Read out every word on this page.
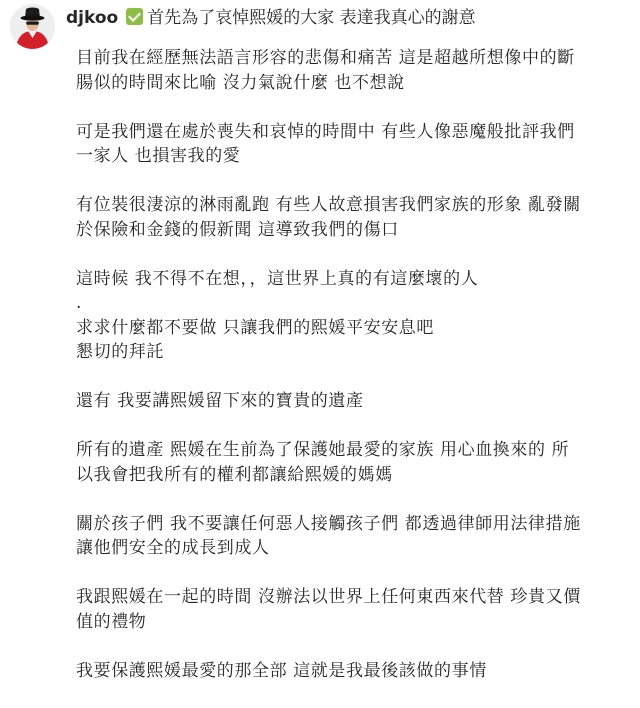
djkoo 首先為了哀悼熙媛的大家 表達我真心的謝意

目前我在經歷無法語言形容的悲傷和痛苦 這是超越所想像中的斷
腸似的時間來比喻 沒力氣說什麼 也不想說

可是我們還在處於喪失和哀悼的時間中 有些人像惡魔般批評我們
一家人 也損害我的愛

有位裝很淒涼的淋雨亂跑 有些人故意損害我們家族的形象 亂發關
於保險和金錢的假新聞 這導致我們的傷口

這時候 我不得不在想，，這世界上真的有這麼壞的人
.

求求什麼都不要做 只讓我們的熙媛平安安息吧
懇切的拜託

還有 我要講熙媛留下來的寶貴的遺產

所有的遺產 熙媛在生前為了保護她最愛的家族 用心血換來的 所
以我會把我所有的權利都讓給熙媛的媽媽

關於孩子們 我不要讓任何惡人接觸孩子們 都透過律師用法律措施
讓他們安全的成長到成人

我跟熙媛在一起的時間 沒辦法以世界上任何東西來代替 珍貴又價
值的禮物

我要保護熙媛最愛的那全部 這就是我最後該做的事情
